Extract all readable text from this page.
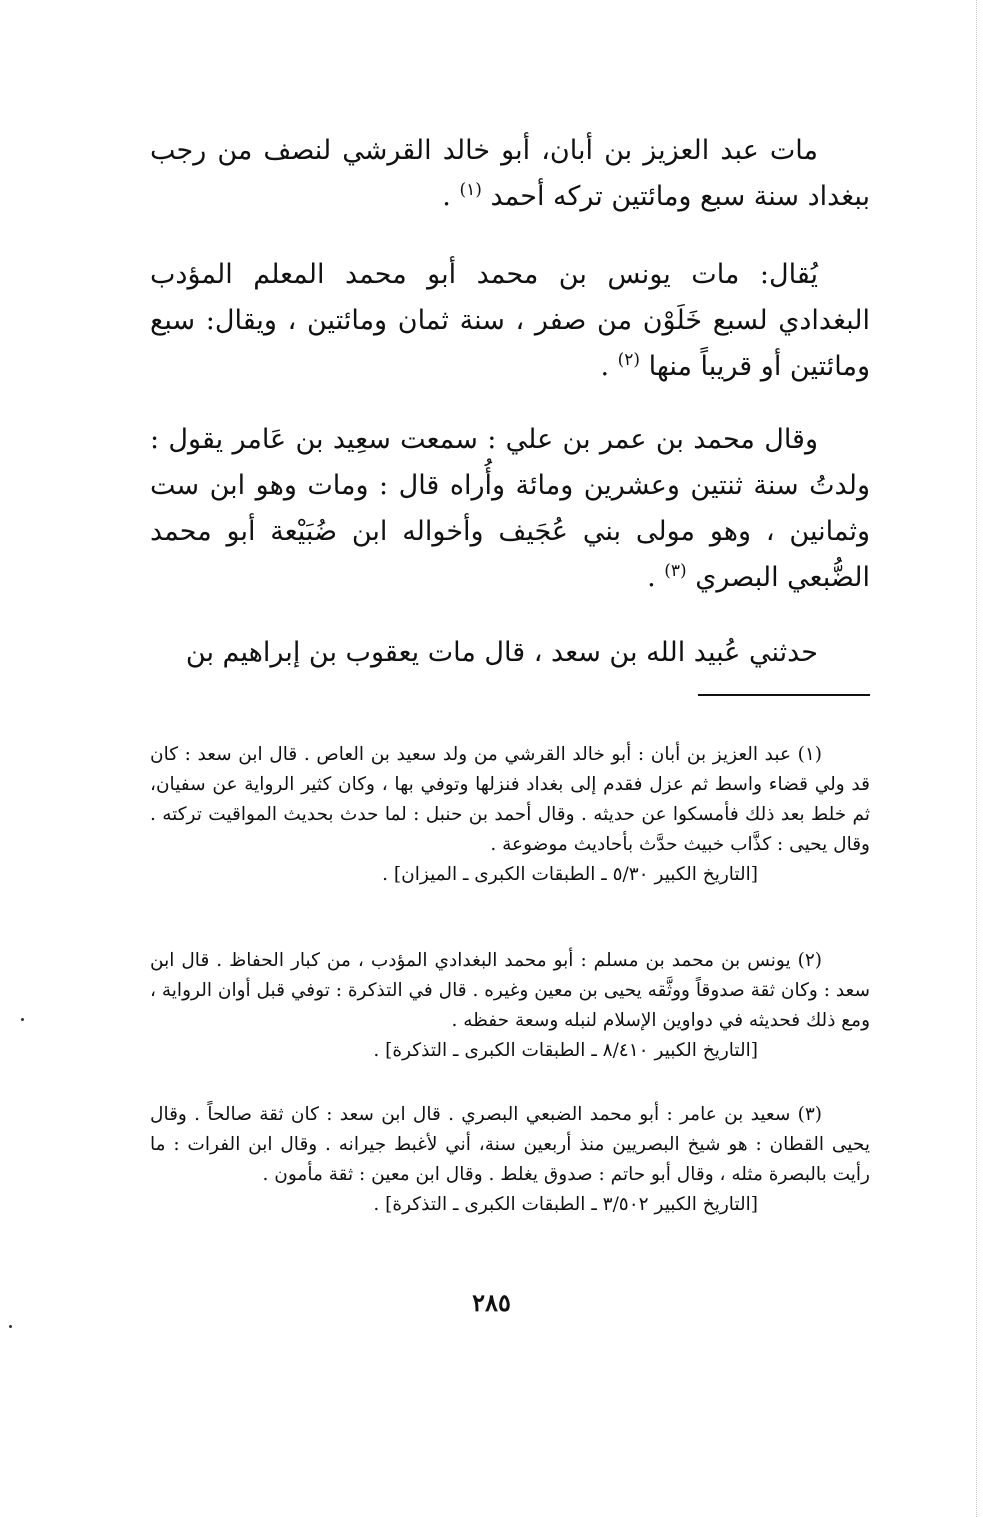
مات عبد العزيز بن أبان، أبو خالد القرشي لنصف من رجب ببغداد سنة سبع ومائتين تركه أحمد $^{(١)}$ .

يُقال: مات يونس بن محمد أبو محمد المعلم المؤدب البغدادي لسبع خَلَوْن من صفر ، سنة ثمان ومائتين ، ويقال: سبع ومائتين أو قريباً منها $^{(٢)}$ .

وقال محمد بن عمر بن علي : سمعت سعِيد بن عَامر يقول : ولدتُ سنة ثنتين وعشرين ومائة وأُراه قال : ومات وهو ابن ست وثمانين ، وهو مولى بني عُجَيف وأخواله ابن ضُبَيْعة أبو محمد الضُّبعي البصري $^{(٣)}$ .

حدثني عُبيد الله بن سعد ، قال مات يعقوب بن إبراهيم بن

(١) عبد العزيز بن أبان : أبو خالد القرشي من ولد سعيد بن العاص . قال ابن سعد : كان قد ولي قضاء واسط ثم عزل فقدم إلى بغداد فنزلها وتوفي بها ، وكان كثير الرواية عن سفيان، ثم خلط بعد ذلك فأمسكوا عن حديثه . وقال أحمد بن حنبل : لما حدث بحديث المواقيت تركته . وقال يحيى : كذَّاب خبيث حدَّث بأحاديث موضوعة .

[التاريخ الكبير ٥/٣٠ ـ الطبقات الكبرى ـ الميزان] .

(٢) يونس بن محمد بن مسلم : أبو محمد البغدادي المؤدب ، من كبار الحفاظ . قال ابن سعد : وكان ثقة صدوقاً ووثَّقه يحيى بن معين وغيره . قال في التذكرة : توفي قبل أوان الرواية ، ومع ذلك فحديثه في دواوين الإسلام لنبله وسعة حفظه .

[التاريخ الكبير ٨/٤١٠ ـ الطبقات الكبرى ـ التذكرة] .

(٣) سعيد بن عامر : أبو محمد الضبعي البصري . قال ابن سعد : كان ثقة صالحاً . وقال يحيى القطان : هو شيخ البصريين منذ أربعين سنة، أني لأغبط جيرانه . وقال ابن الفرات : ما رأيت بالبصرة مثله ، وقال أبو حاتم : صدوق يغلط . وقال ابن معين : ثقة مأمون .

[التاريخ الكبير ٣/٥٠٢ ـ الطبقات الكبرى ـ التذكرة] .
٢٨٥
